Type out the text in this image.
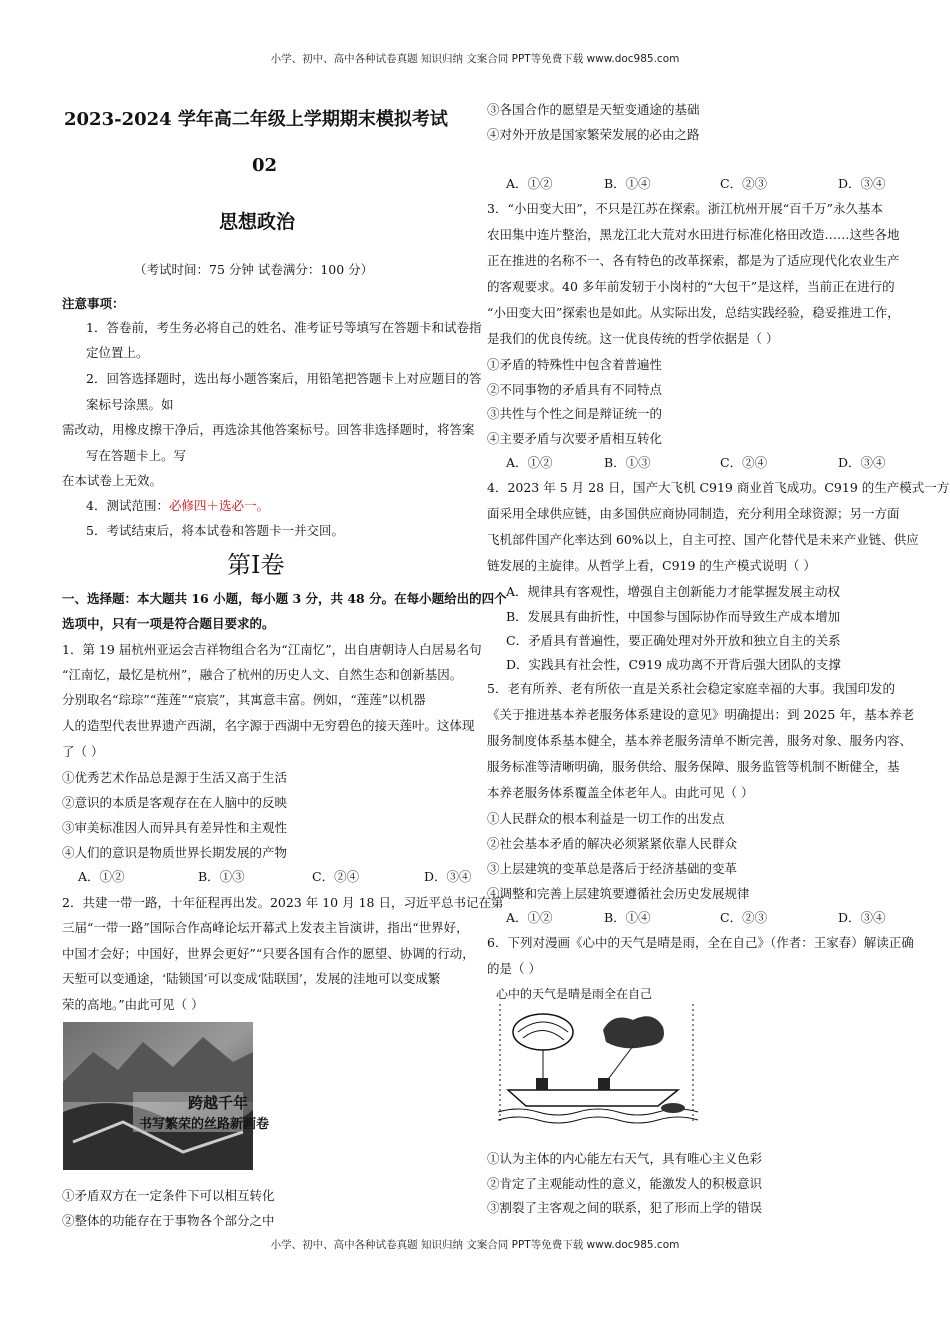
小学、初中、高中各种试卷真题 知识归纳 文案合同 PPT等免费下载 www.doc985.com
2023-2024 学年高二年级上学期期末模拟考试
02
思想政治
（考试时间：75 分钟 试卷满分：100 分）
注意事项：
1．答卷前，考生务必将自己的姓名、准考证号等填写在答题卡和试卷指
定位置上。
2．回答选择题时，选出每小题答案后，用铅笔把答题卡上对应题目的答
案标号涂黑。如
需改动，用橡皮擦干净后，再选涂其他答案标号。回答非选择题时，将答案
写在答题卡上。写
在本试卷上无效。
4．测试范围：必修四＋选必一。
5．考试结束后，将本试卷和答题卡一并交回。
第Ⅰ卷
一、选择题：本大题共 16 小题，每小题 3 分，共 48 分。在每小题给出的四个
选项中，只有一项是符合题目要求的。
1．第 19 届杭州亚运会吉祥物组合名为“江南忆”，出自唐朝诗人白居易名句
“江南忆，最忆是杭州”，融合了杭州的历史人文、自然生态和创新基因。
分别取名“琮琮”“莲莲”“宸宸”，其寓意丰富。例如，“莲莲”以机器
人的造型代表世界遗产西湖，名字源于西湖中无穷碧色的接天莲叶。这体现
了（ ）
①优秀艺术作品总是源于生活又高于生活
②意识的本质是客观存在在人脑中的反映
③审美标准因人而异具有差异性和主观性
④人们的意识是物质世界长期发展的产物
A．①②	B．①③	C．②④	D．③④
2．共建一带一路，十年征程再出发。2023 年 10 月 18 日，习近平总书记在第
三届“一带一路”国际合作高峰论坛开幕式上发表主旨演讲，指出“世界好，
中国才会好；中国好，世界会更好”“只要各国有合作的愿望、协调的行动，
天堑可以变通途，‘陆锁国’可以变成‘陆联国’，发展的洼地可以变成繁
荣的高地。”由此可见（ ）
跨越千年
书写繁荣的丝路新画卷
①矛盾双方在一定条件下可以相互转化
②整体的功能存在于事物各个部分之中
③各国合作的愿望是天堑变通途的基础
④对外开放是国家繁荣发展的必由之路
A．①②	B．①④	C．②③	D．③④
3．“小田变大田”，不只是江苏在探索。浙江杭州开展“百千万”永久基本
农田集中连片整治，黑龙江北大荒对水田进行标准化格田改造……这些各地
正在推进的名称不一、各有特色的改革探索，都是为了适应现代化农业生产
的客观要求。40 多年前发轫于小岗村的“大包干”是这样，当前正在进行的
“小田变大田”探索也是如此。从实际出发，总结实践经验，稳妥推进工作，
是我们的优良传统。这一优良传统的哲学依据是（ ）
①矛盾的特殊性中包含着普遍性
②不同事物的矛盾具有不同特点
③共性与个性之间是辩证统一的
④主要矛盾与次要矛盾相互转化
A．①②	B．①③	C．②④	D．③④
4．2023 年 5 月 28 日，国产大飞机 C919 商业首飞成功。C919 的生产模式一方
面采用全球供应链，由多国供应商协同制造，充分利用全球资源；另一方面
飞机部件国产化率达到 60%以上，自主可控、国产化替代是未来产业链、供应
链发展的主旋律。从哲学上看，C919 的生产模式说明（ ）
A．规律具有客观性，增强自主创新能力才能掌握发展主动权
B．发展具有曲折性，中国参与国际协作而导致生产成本增加
C．矛盾具有普遍性，要正确处理对外开放和独立自主的关系
D．实践具有社会性，C919 成功离不开背后强大团队的支撑
5．老有所养、老有所依一直是关系社会稳定家庭幸福的大事。我国印发的
《关于推进基本养老服务体系建设的意见》明确提出：到 2025 年，基本养老
服务制度体系基本健全，基本养老服务清单不断完善，服务对象、服务内容、
服务标准等清晰明确，服务供给、服务保障、服务监管等机制不断健全，基
本养老服务体系覆盖全体老年人。由此可见（ ）
①人民群众的根本利益是一切工作的出发点
②社会基本矛盾的解决必须紧紧依靠人民群众
③上层建筑的变革总是落后于经济基础的变革
④调整和完善上层建筑要遵循社会历史发展规律
A．①②	B．①④	C．②③	D．③④
6．下列对漫画《心中的天气是晴是雨，全在自己》（作者：王家春）解读正确
的是（ ）
心中的天气是晴是雨全在自己
①认为主体的内心能左右天气，具有唯心主义色彩
②肯定了主观能动性的意义，能激发人的积极意识
③割裂了主客观之间的联系，犯了形而上学的错误
小学、初中、高中各种试卷真题 知识归纳 文案合同 PPT等免费下载 www.doc985.com
